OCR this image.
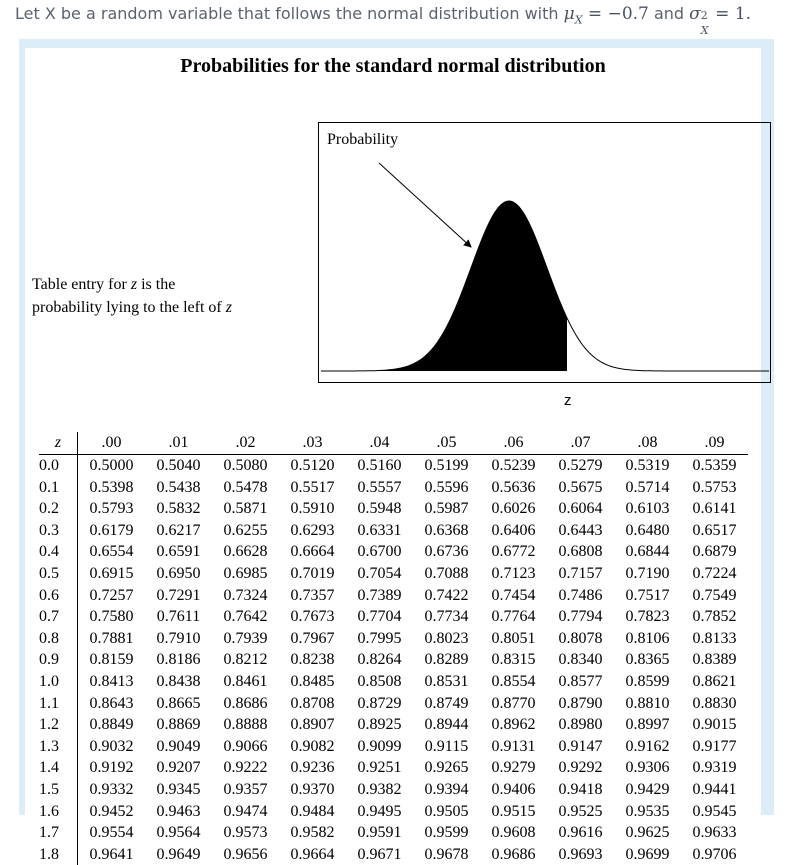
Let X be a random variable that follows the normal distribution with $\mu_X = -0.7$ and σ 2
X
= 1.
Probabilities for the standard normal distribution
Probability
Table entry for z is the
probability lying to the left of z
z
z	.00	.01	.02	.03	.04	.05	.06	.07	.08	.09
0.0	0.5000	0.5040	0.5080	0.5120	0.5160	0.5199	0.5239	0.5279	0.5319	0.5359
0.1	0.5398	0.5438	0.5478	0.5517	0.5557	0.5596	0.5636	0.5675	0.5714	0.5753
0.2	0.5793	0.5832	0.5871	0.5910	0.5948	0.5987	0.6026	0.6064	0.6103	0.6141
0.3	0.6179	0.6217	0.6255	0.6293	0.6331	0.6368	0.6406	0.6443	0.6480	0.6517
0.4	0.6554	0.6591	0.6628	0.6664	0.6700	0.6736	0.6772	0.6808	0.6844	0.6879
0.5	0.6915	0.6950	0.6985	0.7019	0.7054	0.7088	0.7123	0.7157	0.7190	0.7224
0.6	0.7257	0.7291	0.7324	0.7357	0.7389	0.7422	0.7454	0.7486	0.7517	0.7549
0.7	0.7580	0.7611	0.7642	0.7673	0.7704	0.7734	0.7764	0.7794	0.7823	0.7852
0.8	0.7881	0.7910	0.7939	0.7967	0.7995	0.8023	0.8051	0.8078	0.8106	0.8133
0.9	0.8159	0.8186	0.8212	0.8238	0.8264	0.8289	0.8315	0.8340	0.8365	0.8389
1.0	0.8413	0.8438	0.8461	0.8485	0.8508	0.8531	0.8554	0.8577	0.8599	0.8621
1.1	0.8643	0.8665	0.8686	0.8708	0.8729	0.8749	0.8770	0.8790	0.8810	0.8830
1.2	0.8849	0.8869	0.8888	0.8907	0.8925	0.8944	0.8962	0.8980	0.8997	0.9015
1.3	0.9032	0.9049	0.9066	0.9082	0.9099	0.9115	0.9131	0.9147	0.9162	0.9177
1.4	0.9192	0.9207	0.9222	0.9236	0.9251	0.9265	0.9279	0.9292	0.9306	0.9319
1.5	0.9332	0.9345	0.9357	0.9370	0.9382	0.9394	0.9406	0.9418	0.9429	0.9441
1.6	0.9452	0.9463	0.9474	0.9484	0.9495	0.9505	0.9515	0.9525	0.9535	0.9545
1.7	0.9554	0.9564	0.9573	0.9582	0.9591	0.9599	0.9608	0.9616	0.9625	0.9633
1.8	0.9641	0.9649	0.9656	0.9664	0.9671	0.9678	0.9686	0.9693	0.9699	0.9706
